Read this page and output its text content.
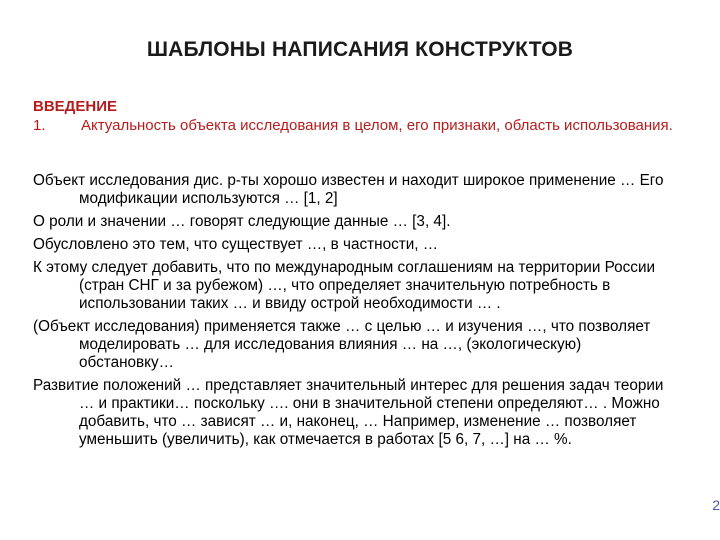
ШАБЛОНЫ НАПИСАНИЯ КОНСТРУКТОВ
ВВЕДЕНИЕ
1. Актуальность объекта исследования в целом, его признаки, область использования.

Объект исследования дис. р-ты хорошо известен и находит широкое применение … Его модификации используются … [1, 2]

О роли и значении … говорят следующие данные … [3, 4].

Обусловлено это тем, что существует …, в частности, …

К этому следует добавить, что по международным соглашениям на территории России (стран СНГ и за рубежом) …, что определяет значительную потребность в использовании таких … и ввиду острой необходимости … .

(Объект исследования) применяется также … с целью … и изучения …, что позволяет моделировать … для исследования влияния … на …, (экологическую) обстановку…

Развитие положений … представляет значительный интерес для решения задач теории … и практики… поскольку …. они в значительной степени определяют… . Можно добавить, что … зависят … и, наконец, … Например, изменение … позволяет уменьшить (увеличить), как отмечается в работах [5 6, 7, …] на … %.

2
